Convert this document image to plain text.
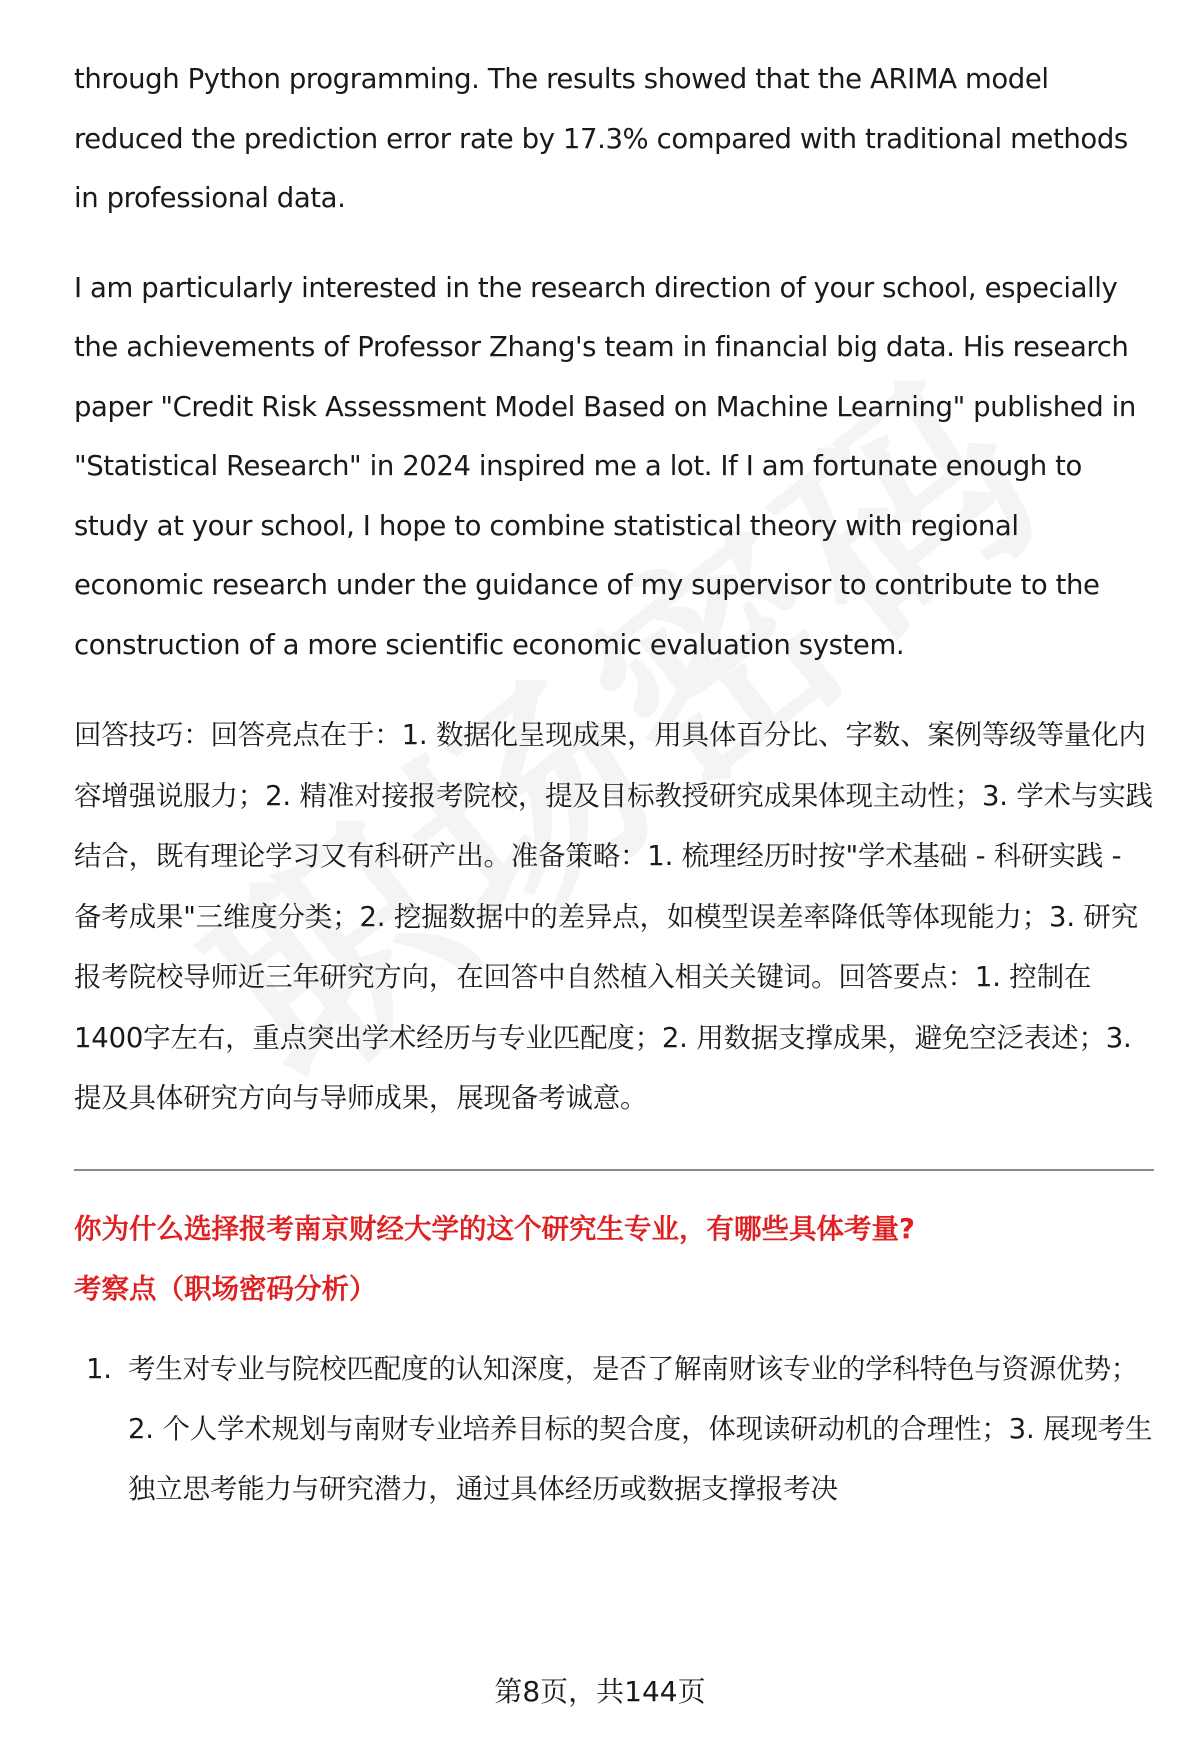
through Python programming. The results showed that the ARIMA model reduced the prediction error rate by 17.3% compared with traditional methods in professional data.

I am particularly interested in the research direction of your school, especially the achievements of Professor Zhang's team in financial big data. His research paper "Credit Risk Assessment Model Based on Machine Learning" published in "Statistical Research" in 2024 inspired me a lot. If I am fortunate enough to study at your school, I hope to combine statistical theory with regional economic research under the guidance of my supervisor to contribute to the construction of a more scientific economic evaluation system.

回答技巧：回答亮点在于：1. 数据化呈现成果，用具体百分比、字数、案例等级等量化内容增强说服力；2. 精准对接报考院校，提及目标教授研究成果体现主动性；3. 学术与实践结合，既有理论学习又有科研产出。准备策略：1. 梳理经历时按"学术基础 - 科研实践 - 备考成果"三维度分类；2. 挖掘数据中的差异点，如模型误差率降低等体现能力；3. 研究报考院校导师近三年研究方向，在回答中自然植入相关关键词。回答要点：1. 控制在1400字左右，重点突出学术经历与专业匹配度；2. 用数据支撑成果，避免空泛表述；3. 提及具体研究方向与导师成果，展现备考诚意。

你为什么选择报考南京财经大学的这个研究生专业，有哪些具体考量?
考察点（职场密码分析）
1. 考生对专业与院校匹配度的认知深度，是否了解南财该专业的学科特色与资源优势；2. 个人学术规划与南财专业培养目标的契合度，体现读研动机的合理性；3. 展现考生独立思考能力与研究潜力，通过具体经历或数据支撑报考决
第8页，共144页
